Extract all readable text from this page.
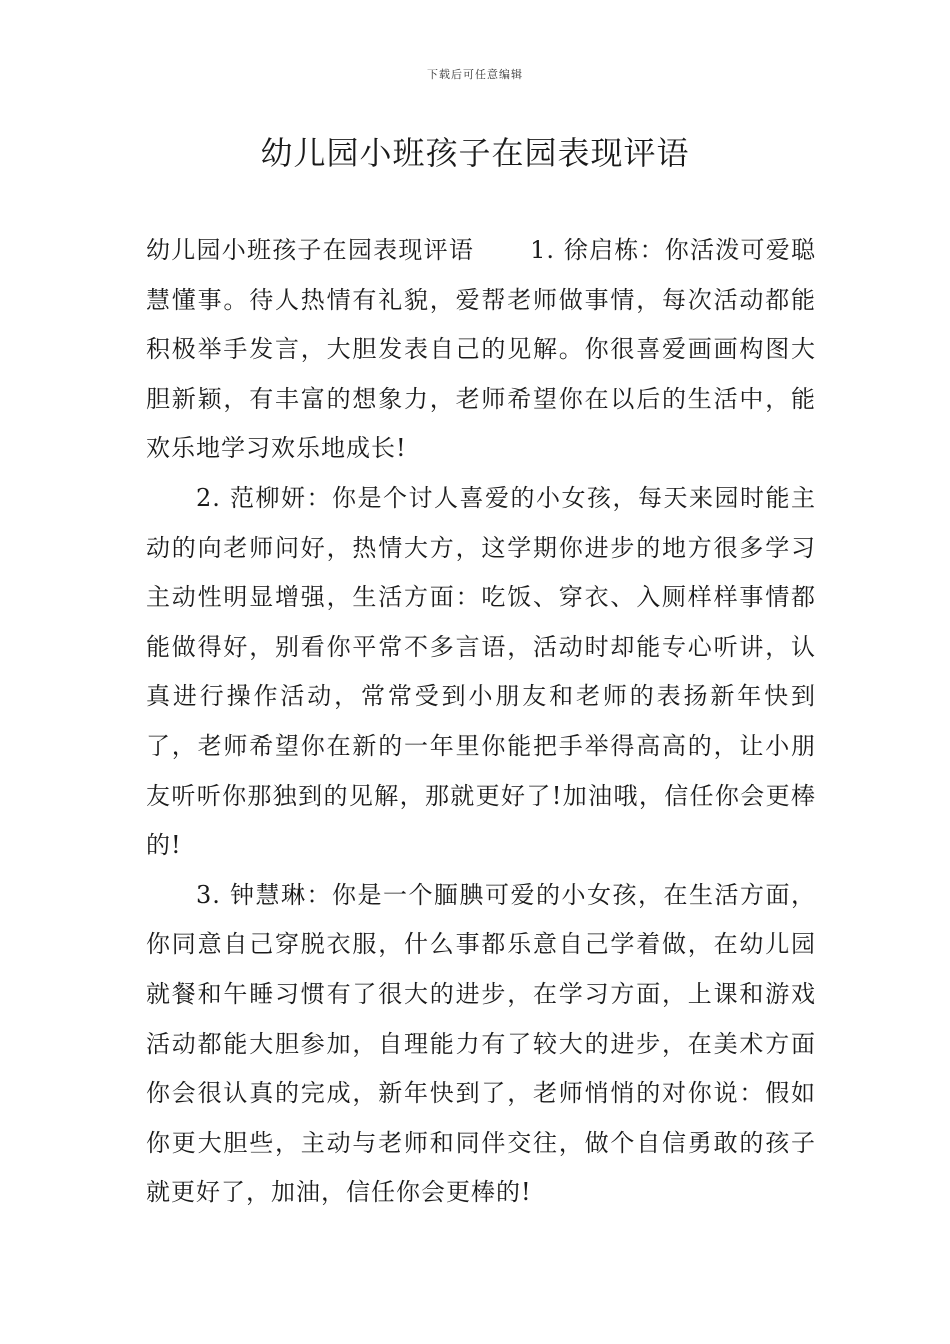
下载后可任意编辑
幼儿园小班孩子在园表现评语

幼儿园小班孩子在园表现评语 1. 徐启栋：你活泼可爱聪慧懂事。待人热情有礼貌，爱帮老师做事情，每次活动都能积极举手发言，大胆发表自己的见解。你很喜爱画画构图大胆新颖，有丰富的想象力，老师希望你在以后的生活中，能欢乐地学习欢乐地成长!

2. 范柳妍：你是个讨人喜爱的小女孩，每天来园时能主动的向老师问好，热情大方，这学期你进步的地方很多学习主动性明显增强，生活方面：吃饭、穿衣、入厕样样事情都能做得好，别看你平常不多言语，活动时却能专心听讲，认真进行操作活动，常常受到小朋友和老师的表扬新年快到了，老师希望你在新的一年里你能把手举得高高的，让小朋友听听你那独到的见解，那就更好了!加油哦，信任你会更棒的!

3. 钟慧琳：你是一个腼腆可爱的小女孩，在生活方面，你同意自己穿脱衣服，什么事都乐意自己学着做，在幼儿园就餐和午睡习惯有了很大的进步，在学习方面，上课和游戏活动都能大胆参加，自理能力有了较大的进步，在美术方面你会很认真的完成，新年快到了，老师悄悄的对你说：假如你更大胆些，主动与老师和同伴交往，做个自信勇敢的孩子就更好了，加油，信任你会更棒的!
